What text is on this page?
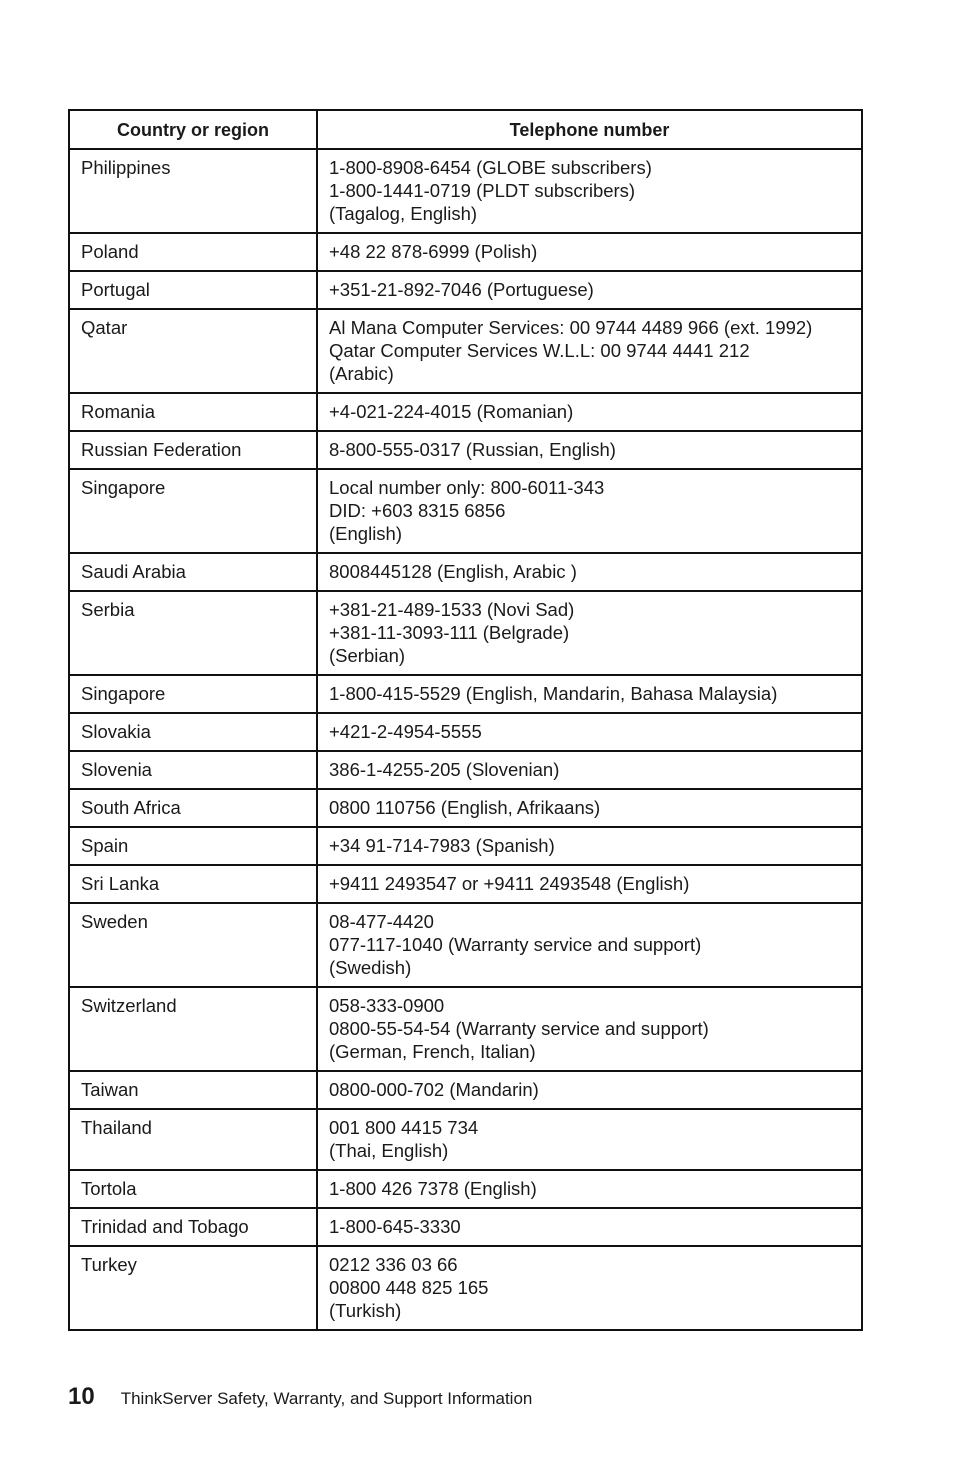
Country or region	Telephone number
Philippines	1-800-8908-6454 (GLOBE subscribers)
1-800-1441-0719 (PLDT subscribers)
(Tagalog, English)

Poland	+48 22 878-6999 (Polish)

Portugal	+351-21-892-7046 (Portuguese)

Qatar	Al Mana Computer Services: 00 9744 4489 966 (ext. 1992)
Qatar Computer Services W.L.L: 00 9744 4441 212
(Arabic)

Romania	+4-021-224-4015 (Romanian)

Russian Federation	8-800-555-0317 (Russian, English)

Singapore	Local number only: 800-6011-343
DID: +603 8315 6856
(English)

Saudi Arabia	8008445128 (English, Arabic )

Serbia	+381-21-489-1533 (Novi Sad)
+381-11-3093-111 (Belgrade)
(Serbian)

Singapore	1-800-415-5529 (English, Mandarin, Bahasa Malaysia)

Slovakia	+421-2-4954-5555

Slovenia	386-1-4255-205 (Slovenian)

South Africa	0800 110756 (English, Afrikaans)

Spain	+34 91-714-7983 (Spanish)

Sri Lanka	+9411 2493547 or +9411 2493548 (English)

Sweden	08-477-4420
077-117-1040 (Warranty service and support)
(Swedish)

Switzerland	058-333-0900
0800-55-54-54 (Warranty service and support)
(German, French, Italian)

Taiwan	0800-000-702 (Mandarin)

Thailand	001 800 4415 734
(Thai, English)

Tortola	1-800 426 7378 (English)

Trinidad and Tobago	1-800-645-3330

Turkey	0212 336 03 66
00800 448 825 165
(Turkish)
10 ThinkServer Safety, Warranty, and Support Information
